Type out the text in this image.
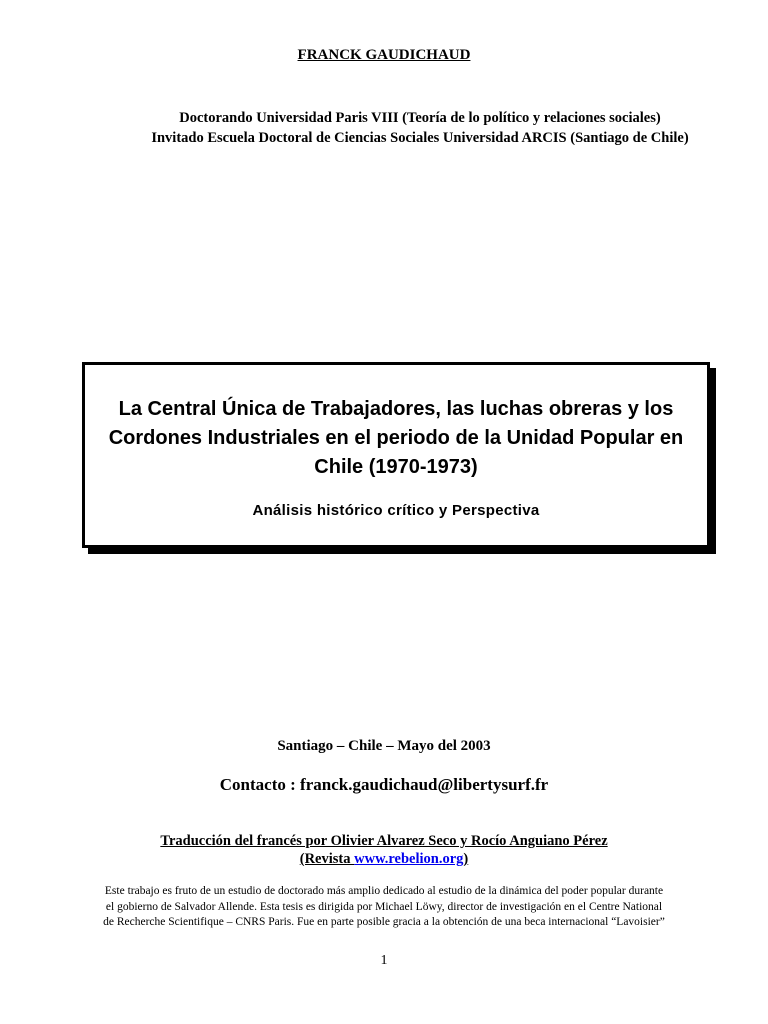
FRANCK GAUDICHAUD
Doctorando Universidad Paris VIII (Teoría de lo político y relaciones sociales)
Invitado Escuela Doctoral de Ciencias Sociales Universidad ARCIS (Santiago de Chile)
La Central Única de Trabajadores, las luchas obreras y los Cordones Industriales en el periodo de la Unidad Popular en Chile (1970-1973)
Análisis histórico crítico y Perspectiva
Santiago – Chile – Mayo del 2003
Contacto : franck.gaudichaud@libertysurf.fr
Traducción del francés por Olivier Alvarez Seco y Rocío Anguiano Pérez
(Revista www.rebelion.org)
Este trabajo es fruto de un estudio de doctorado más amplio dedicado al estudio de la dinámica del poder popular durante el gobierno de Salvador Allende. Esta tesis es dirigida por Michael Löwy, director de investigación en el Centre National de Recherche Scientifique – CNRS Paris. Fue en parte posible gracia a la obtención de una beca internacional “Lavoisier”
1
